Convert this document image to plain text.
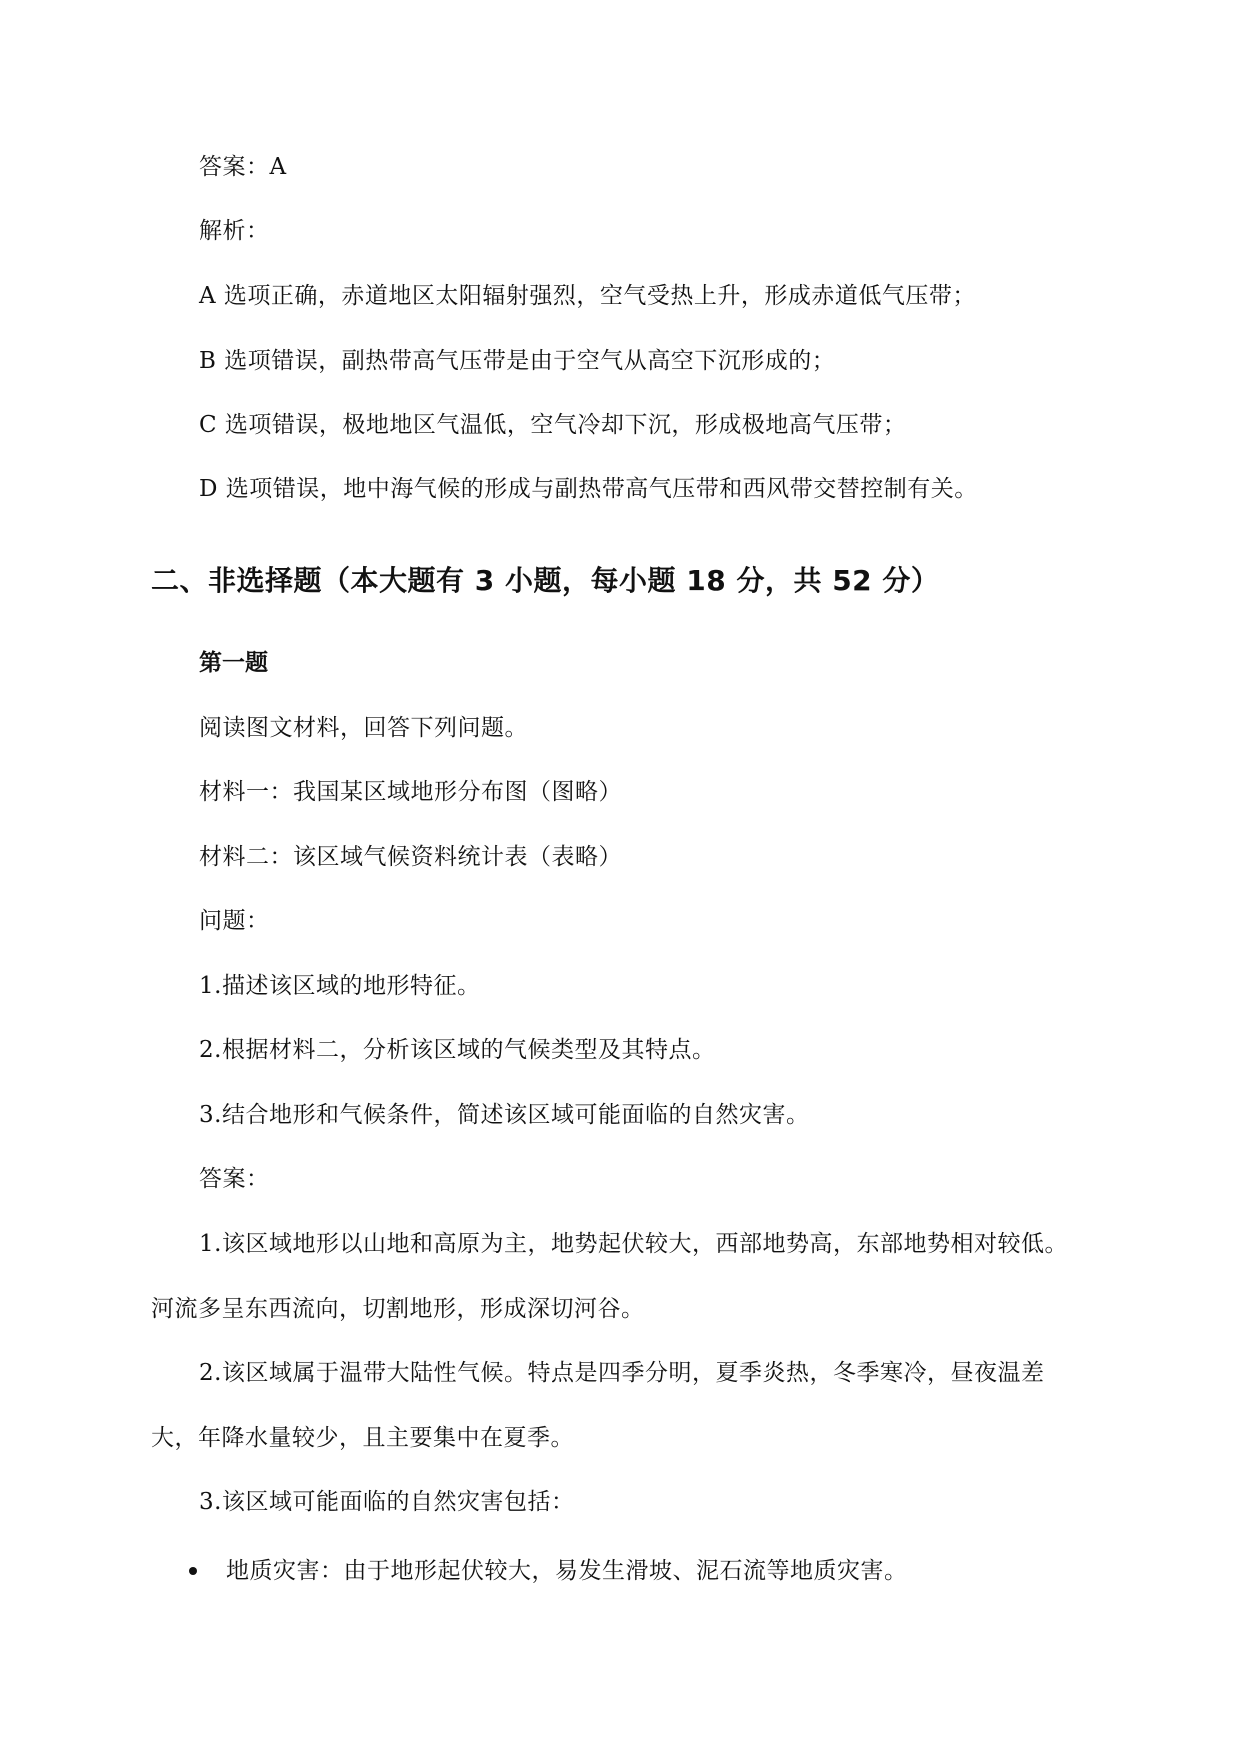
答案：A
解析：
A 选项正确，赤道地区太阳辐射强烈，空气受热上升，形成赤道低气压带；
B 选项错误，副热带高气压带是由于空气从高空下沉形成的；
C 选项错误，极地地区气温低，空气冷却下沉，形成极地高气压带；
D 选项错误，地中海气候的形成与副热带高气压带和西风带交替控制有关。
二、非选择题（本大题有 3 小题，每小题 18 分，共 52 分）
第一题
阅读图文材料，回答下列问题。
材料一：我国某区域地形分布图（图略）
材料二：该区域气候资料统计表（表略）
问题：
1.描述该区域的地形特征。
2.根据材料二，分析该区域的气候类型及其特点。
3.结合地形和气候条件，简述该区域可能面临的自然灾害。
答案：
1.该区域地形以山地和高原为主，地势起伏较大，西部地势高，东部地势相对较低。
河流多呈东西流向，切割地形，形成深切河谷。
2.该区域属于温带大陆性气候。特点是四季分明，夏季炎热，冬季寒冷，昼夜温差
大，年降水量较少，且主要集中在夏季。
3.该区域可能面临的自然灾害包括：
地质灾害：由于地形起伏较大，易发生滑坡、泥石流等地质灾害。
